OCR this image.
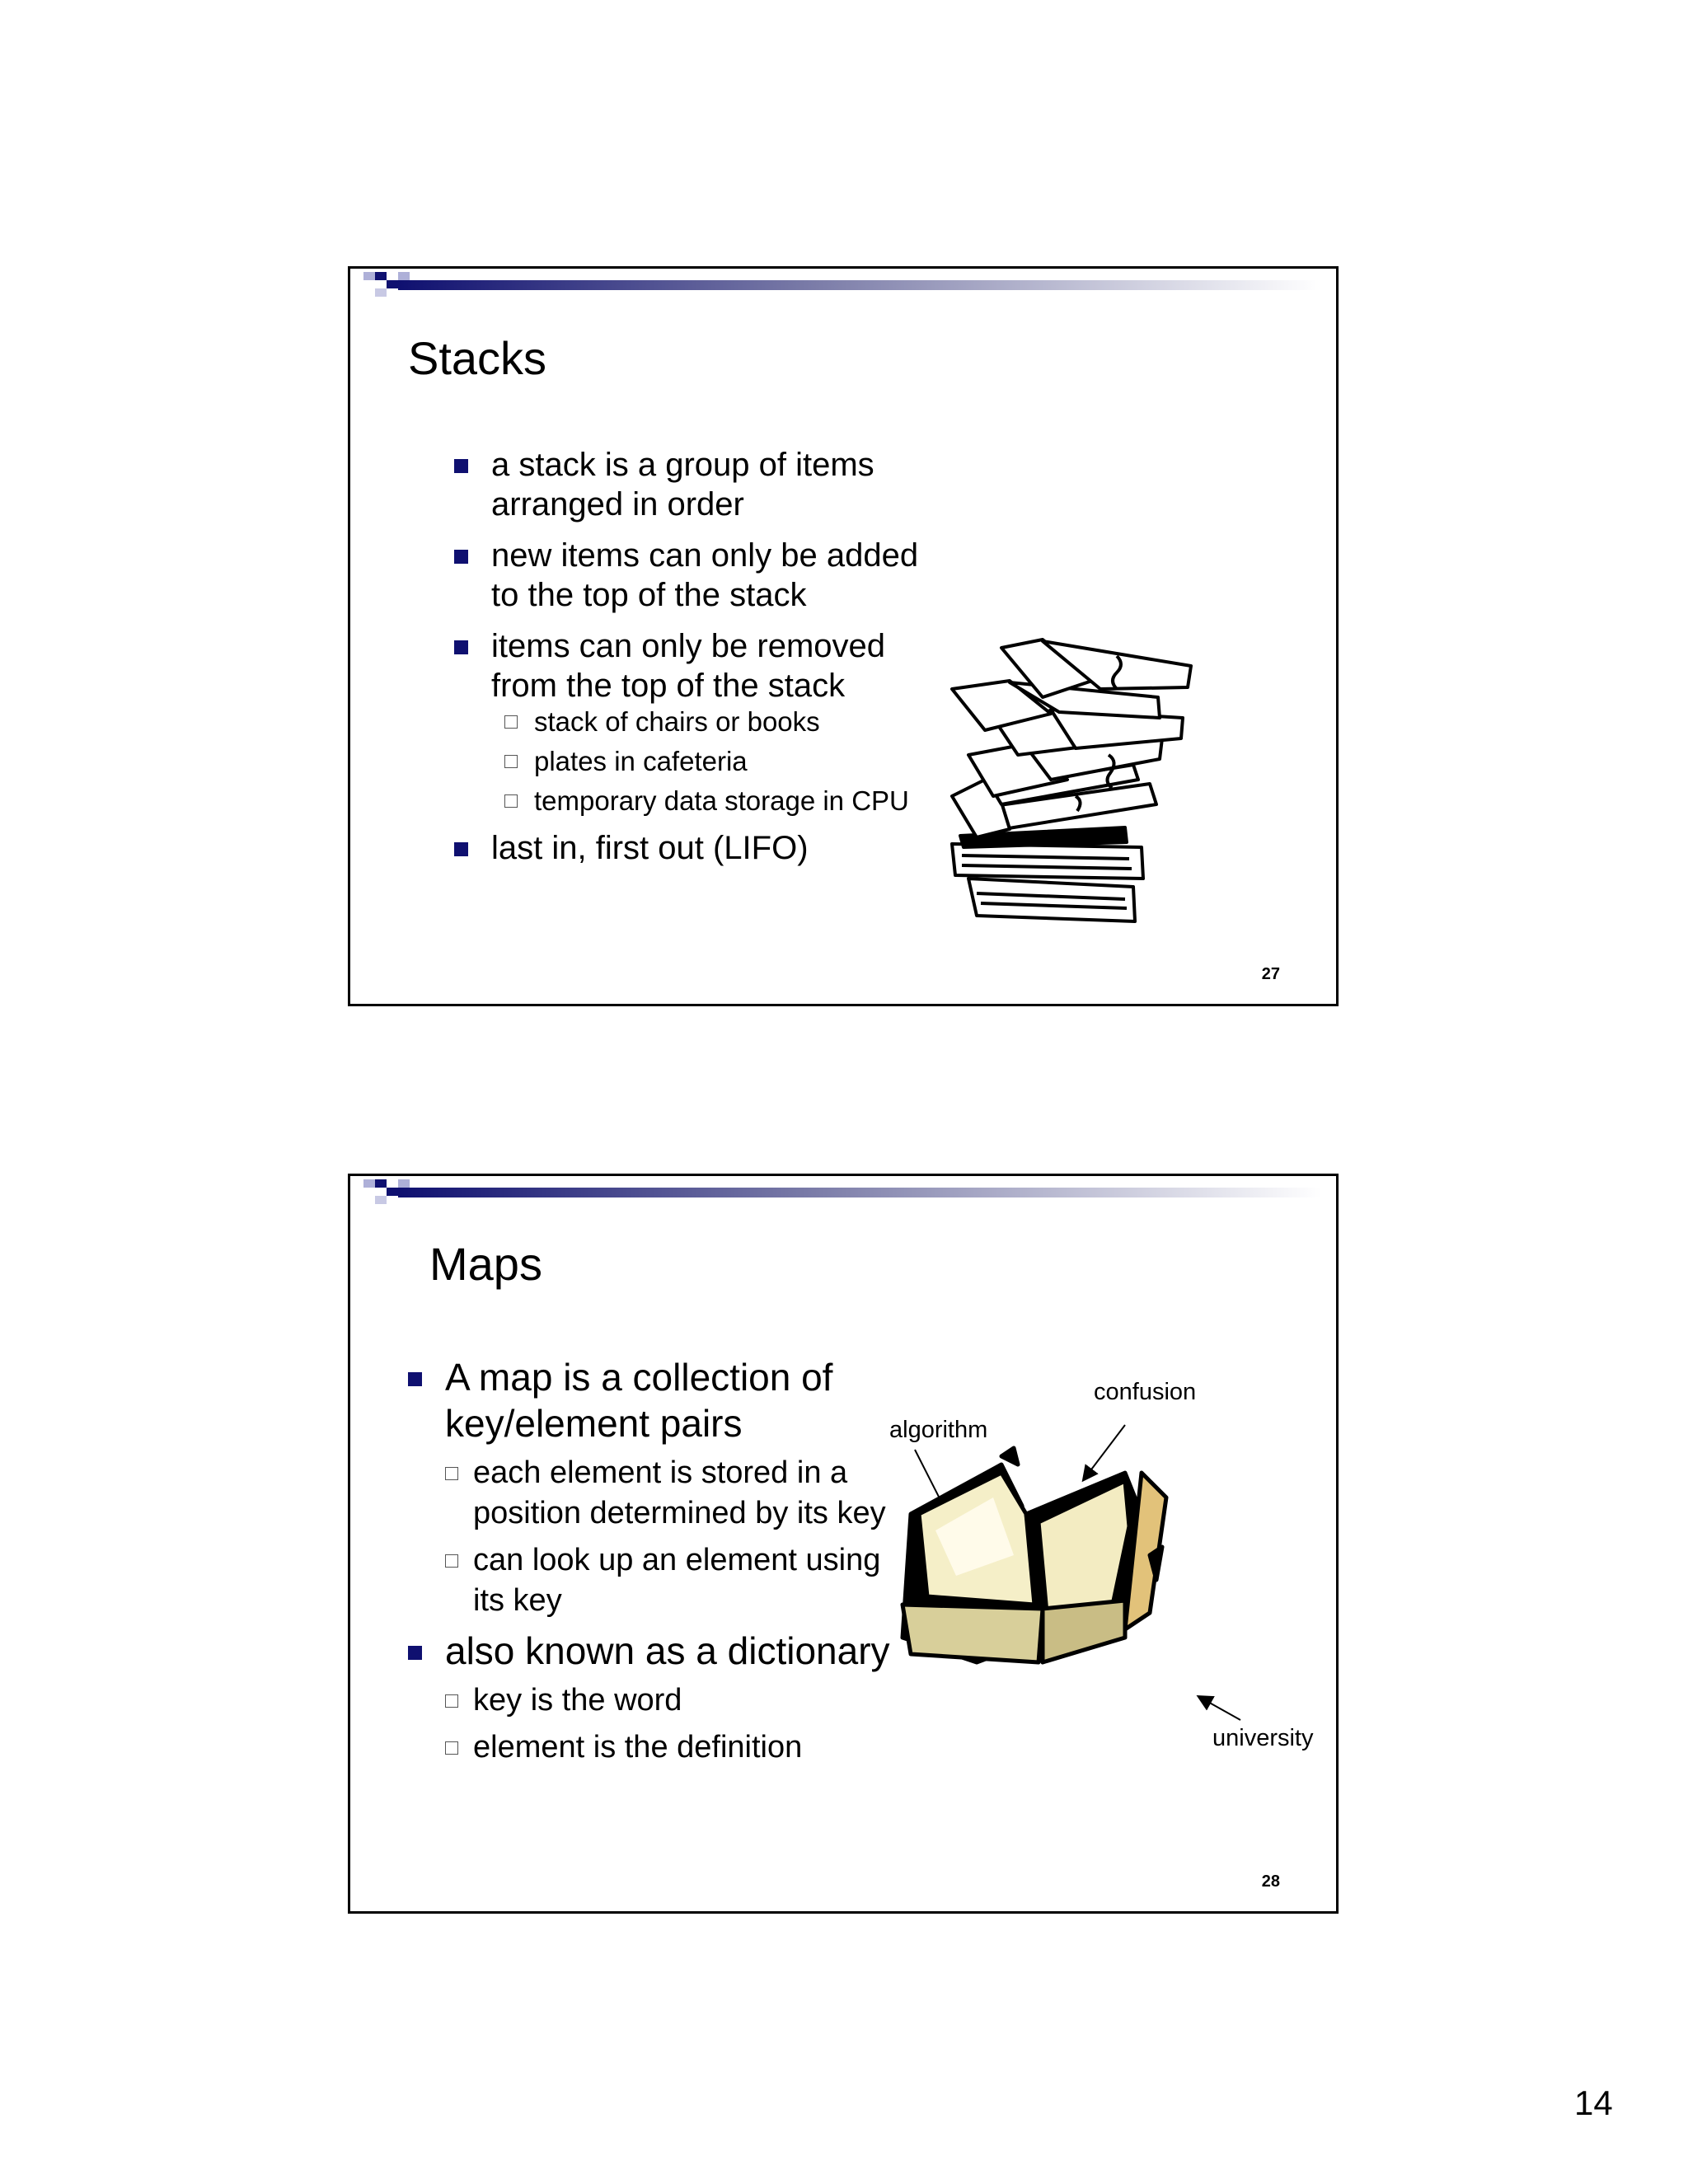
Stacks
a stack is a group of items arranged in order
new items can only be added to the top of the stack
items can only be removed from the top of the stack
stack of chairs or books
plates in cafeteria
temporary data storage in CPU
last in, first out (LIFO)
27
Maps
A map is a collection of key/element pairs
each element is stored in a position determined by its key
can look up an element using its key
also known as a dictionary
key is the word
element is the definition
confusion
algorithm
university
28
14
